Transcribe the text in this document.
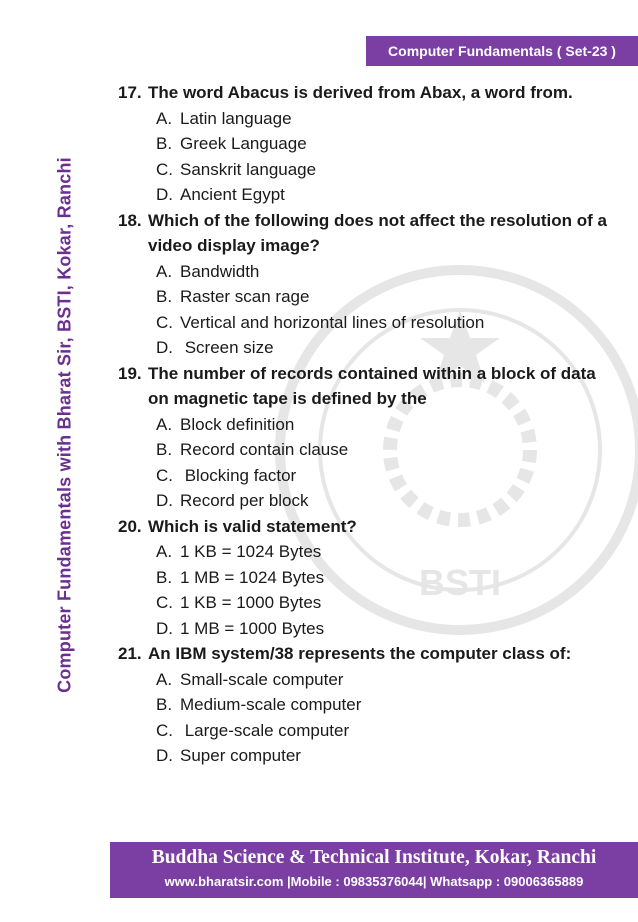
Computer Fundamentals with Bharat Sir, BSTI, Kokar, Ranchi
Computer Fundamentals ( Set-23 )
BSTI
17. The word Abacus is derived from Abax, a word from.
A. Latin language
B. Greek Language
C. Sanskrit language
D. Ancient Egypt
18. Which of the following does not affect the resolution of a video display image?
A. Bandwidth
B. Raster scan rage
C. Vertical and horizontal lines of resolution
D. Screen size
19. The number of records contained within a block of data on magnetic tape is defined by the
A. Block definition
B. Record contain clause
C. Blocking factor
D. Record per block
20. Which is valid statement?
A. 1 KB = 1024 Bytes
B. 1 MB = 1024 Bytes
C. 1 KB = 1000 Bytes
D. 1 MB = 1000 Bytes
21. An IBM system/38 represents the computer class of:
A. Small-scale computer
B. Medium-scale computer
C. Large-scale computer
D. Super computer
Buddha Science & Technical Institute, Kokar, Ranchi
www.bharatsir.com |Mobile : 09835376044| Whatsapp : 09006365889
